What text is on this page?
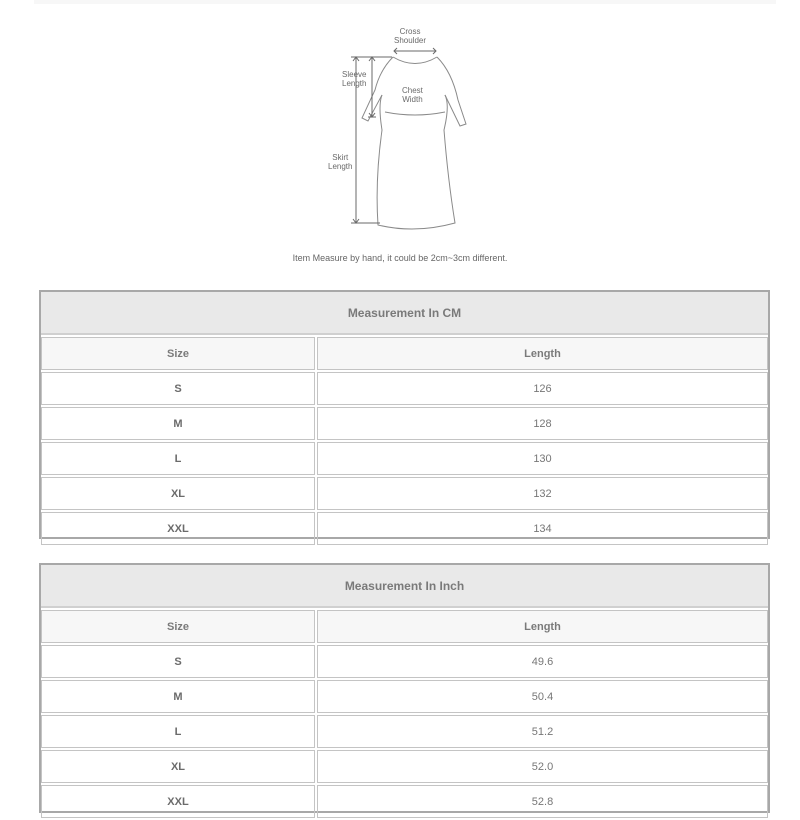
Cross
Shoulder
Sleeve
Length
Chest
Width
Skirt
Length
Item Measure by hand, it could be 2cm~3cm different.
Measurement In CM
Size	Length
S	126
M	128
L	130
XL	132
XXL	134
Measurement In Inch
Size	Length
S	49.6
M	50.4
L	51.2
XL	52.0
XXL	52.8
